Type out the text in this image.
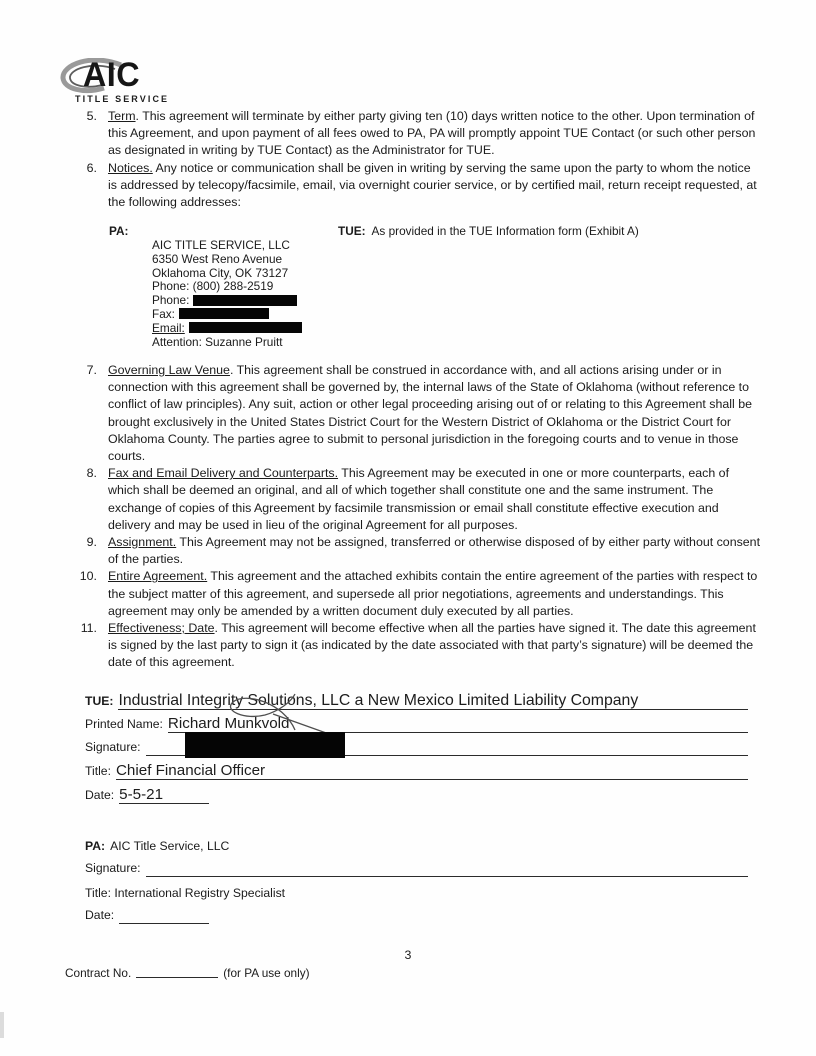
AIC
TITLE SERVICE
5. Term. This agreement will terminate by either party giving ten (10) days written notice to the other. Upon termination of this Agreement, and upon payment of all fees owed to PA, PA will promptly appoint TUE Contact (or such other person as designated in writing by TUE Contact) as the Administrator for TUE.
6. Notices. Any notice or communication shall be given in writing by serving the same upon the party to whom the notice is addressed by telecopy/facsimile, email, via overnight courier service, or by certified mail, return receipt requested, at the following addresses:
PA:	TUE: As provided in the TUE Information form (Exhibit A)
AIC TITLE SERVICE, LLC
6350 West Reno Avenue
Oklahoma City, OK 73127
Phone: (800) 288-2519
Phone:
Fax:
Email:
Attention: Suzanne Pruitt
7. Governing Law Venue. This agreement shall be construed in accordance with, and all actions arising under or in connection with this agreement shall be governed by, the internal laws of the State of Oklahoma (without reference to conflict of law principles). Any suit, action or other legal proceeding arising out of or relating to this Agreement shall be brought exclusively in the United States District Court for the Western District of Oklahoma or the District Court for Oklahoma County. The parties agree to submit to personal jurisdiction in the foregoing courts and to venue in those courts.
8. Fax and Email Delivery and Counterparts. This Agreement may be executed in one or more counterparts, each of which shall be deemed an original, and all of which together shall constitute one and the same instrument. The exchange of copies of this Agreement by facsimile transmission or email shall constitute effective execution and delivery and may be used in lieu of the original Agreement for all purposes.
9. Assignment. This Agreement may not be assigned, transferred or otherwise disposed of by either party without consent of the parties.
10. Entire Agreement. This agreement and the attached exhibits contain the entire agreement of the parties with respect to the subject matter of this agreement, and supersede all prior negotiations, agreements and understandings. This agreement may only be amended by a written document duly executed by all parties.
11. Effectiveness; Date. This agreement will become effective when all the parties have signed it. The date this agreement is signed by the last party to sign it (as indicated by the date associated with that party’s signature) will be deemed the date of this agreement.
TUE: Industrial Integrity Solutions, LLC a New Mexico Limited Liability Company
Printed Name: Richard Munkvold
Signature:
Title: Chief Financial Officer
Date: 5-5-21
PA: AIC Title Service, LLC
Signature:
Title: International Registry Specialist
Date:
3
Contract No.	(for PA use only)
